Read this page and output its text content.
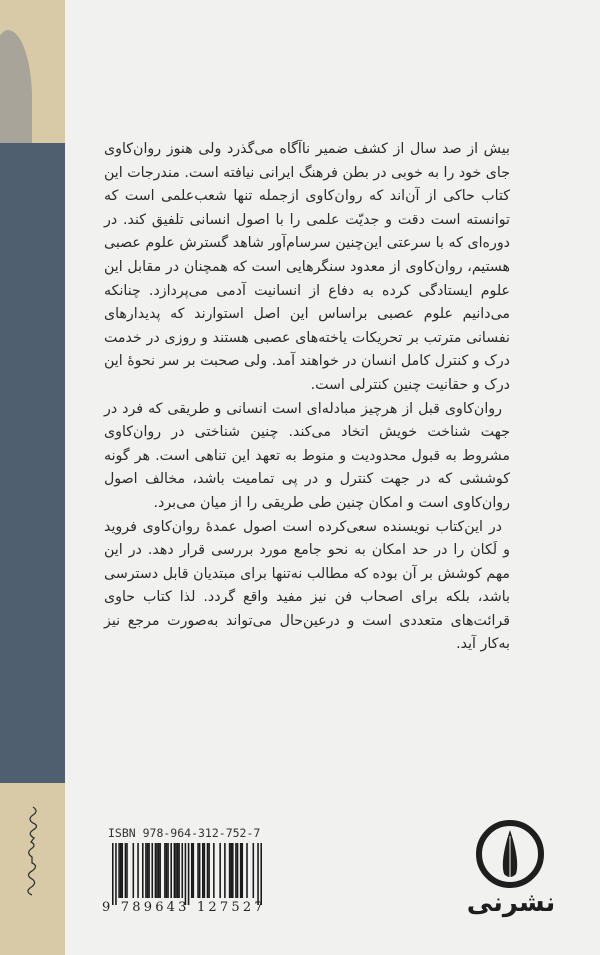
بیش از صد سال از کشف ضمیر ناآگاه می‌گذرد ولی هنوز روان‌کاوی جای خود را به خوبی در بطن فرهنگ ایرانی نیافته است. مندرجات این کتاب حاکی از آن‌اند که روان‌کاوی ازجمله تنها شعب‌علمی است که توانسته است دقت و جدیّت علمی را با اصول انسانی تلفیق کند. در دوره‌ای که با سرعتی این‌چنین سرسام‌آور شاهد گسترش علوم عصبی هستیم، روان‌کاوی از معدود سنگرهایی است که همچنان در مقابل این علوم ایستادگی کرده به دفاع از انسانیت آدمی می‌پردازد. چنانکه می‌دانیم علوم عصبی براساس این اصل استوارند که پدیدارهای نفسانی مترتب بر تحریکات یاخته‌های عصبی هستند و روزی در خدمت درک و کنترل کامل انسان در خواهند آمد. ولی صحبت بر سر نحوهٔ این درک و حقانیت چنین کنترلی است.

روان‌کاوی قبل از هرچیز مبادله‌ای است انسانی و طریقی که فرد در جهت شناخت خویش اتخاد می‌کند. چنین شناختی در روان‌کاوی مشروط به قبول محدودیت و منوط به تعهد این تناهی است. هر گونه کوششی که در جهت کنترل و در پی تمامیت باشد، مخالف اصول روان‌کاوی است و امکان چنین طی طریقی را از میان می‌برد.

در این‌کتاب نویسنده سعی‌کرده است اصول عمدهٔ روان‌کاوی فروید و لَکان را در حد امکان به نحو جامع مورد بررسی قرار دهد. در این مهم کوشش بر آن بوده که مطالب نه‌تنها برای مبتدیان قابل دسترسی باشد، بلکه برای اصحاب فن نیز مفید واقع گردد. لذا کتاب حاوی قرائت‌های متعددی است و درعین‌حال می‌تواند به‌صورت مرجع نیز به‌کار آید.

ISBN 978-964-312-752-7
9 789643 127527	نشرنی
